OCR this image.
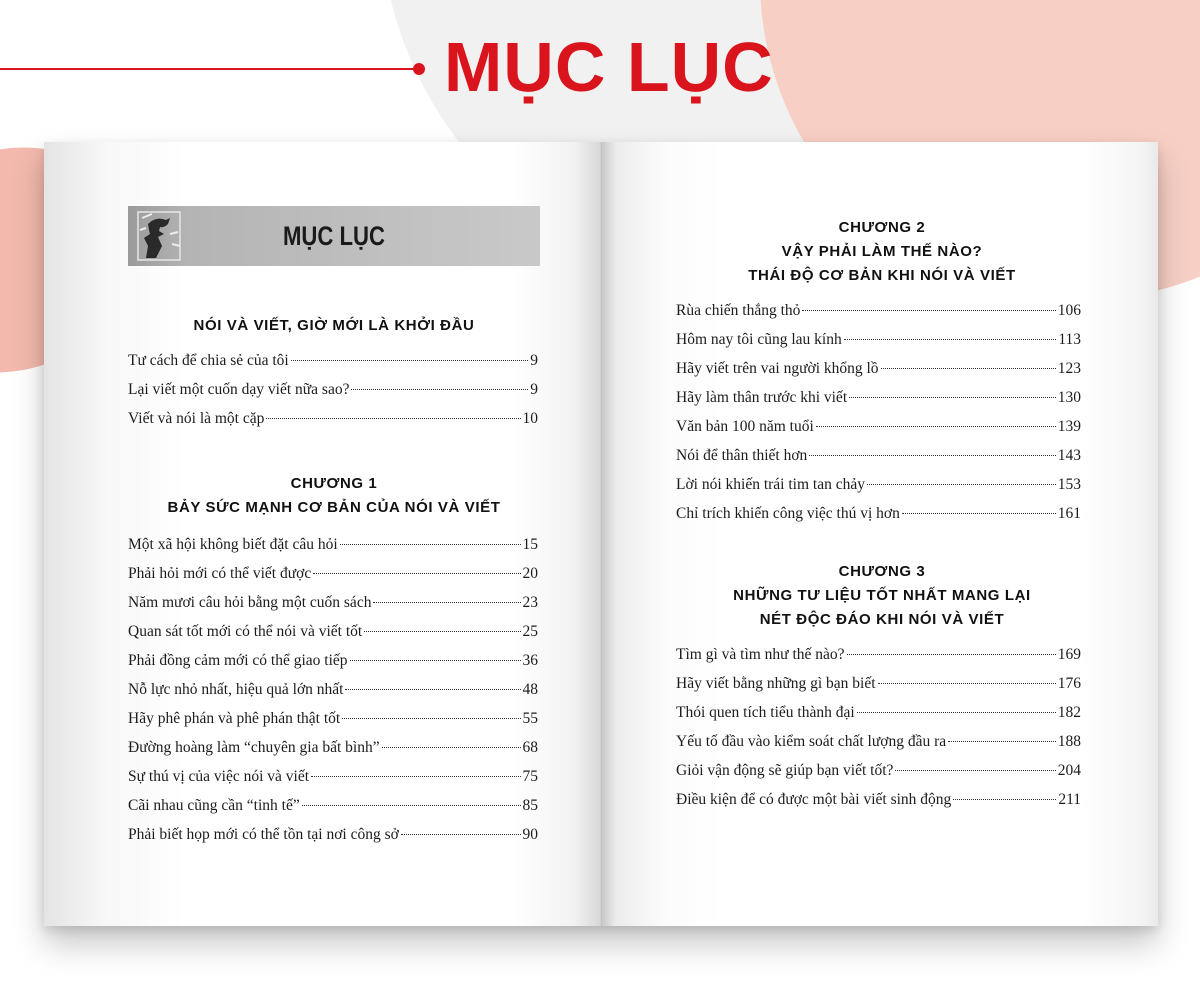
MỤC LỤC
MỤC LỤC
NÓI VÀ VIẾT, GIỜ MỚI LÀ KHỞI ĐẦU
Tư cách để chia sẻ của tôi	9
Lại viết một cuốn dạy viết nữa sao?	9
Viết và nói là một cặp	10
CHƯƠNG 1
BẢY SỨC MẠNH CƠ BẢN CỦA NÓI VÀ VIẾT
Một xã hội không biết đặt câu hỏi	15
Phải hỏi mới có thể viết được	20
Năm mươi câu hỏi bằng một cuốn sách	23
Quan sát tốt mới có thể nói và viết tốt	25
Phải đồng cảm mới có thể giao tiếp	36
Nỗ lực nhỏ nhất, hiệu quả lớn nhất	48
Hãy phê phán và phê phán thật tốt	55
Đường hoàng làm “chuyên gia bất bình”	68
Sự thú vị của việc nói và viết	75
Cãi nhau cũng cần “tinh tế”	85
Phải biết họp mới có thể tồn tại nơi công sở	90
CHƯƠNG 2
VẬY PHẢI LÀM THẾ NÀO?
THÁI ĐỘ CƠ BẢN KHI NÓI VÀ VIẾT
Rùa chiến thắng thỏ	106
Hôm nay tôi cũng lau kính	113
Hãy viết trên vai người khổng lồ	123
Hãy làm thân trước khi viết	130
Văn bản 100 năm tuổi	139
Nói để thân thiết hơn	143
Lời nói khiến trái tim tan chảy	153
Chỉ trích khiến công việc thú vị hơn	161
CHƯƠNG 3
NHỮNG TƯ LIỆU TỐT NHẤT MANG LẠI
NÉT ĐỘC ĐÁO KHI NÓI VÀ VIẾT
Tìm gì và tìm như thế nào?	169
Hãy viết bằng những gì bạn biết	176
Thói quen tích tiểu thành đại	182
Yếu tố đầu vào kiểm soát chất lượng đầu ra	188
Giỏi vận động sẽ giúp bạn viết tốt?	204
Điều kiện để có được một bài viết sinh động	211
